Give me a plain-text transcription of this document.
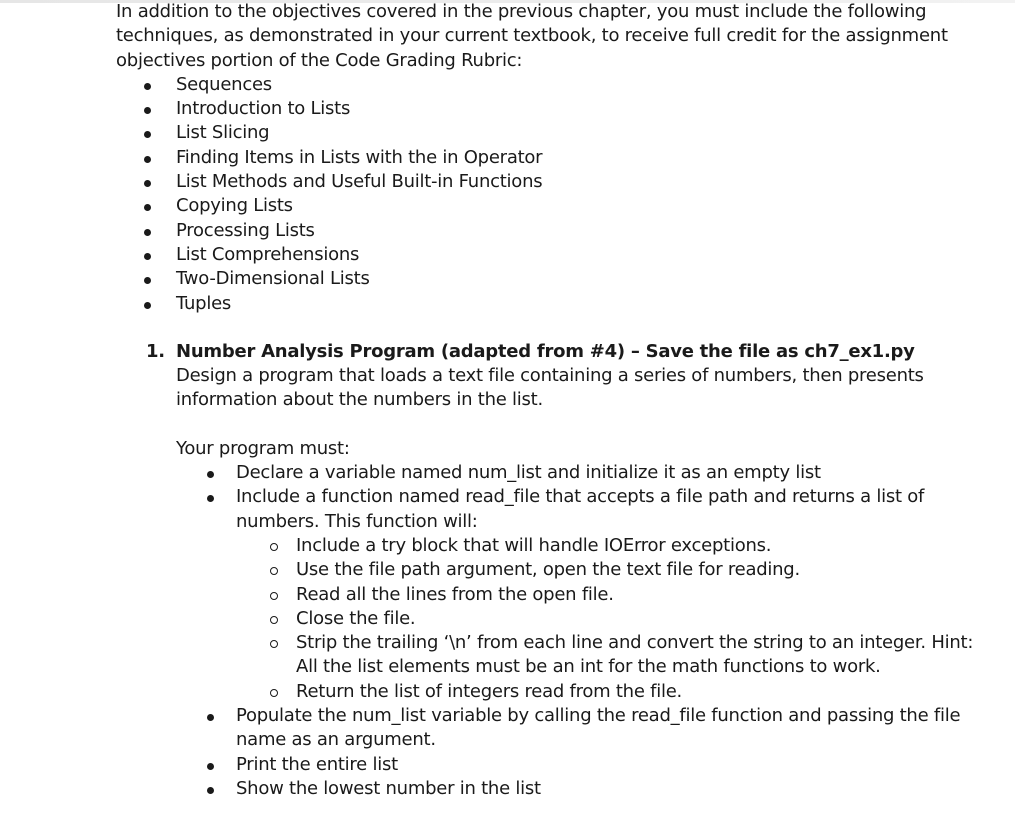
In addition to the objectives covered in the previous chapter, you must include the following techniques, as demonstrated in your current textbook, to receive full credit for the assignment objectives portion of the Code Grading Rubric:

Sequences
Introduction to Lists
List Slicing
Finding Items in Lists with the in Operator
List Methods and Useful Built-in Functions
Copying Lists
Processing Lists
List Comprehensions
Two-Dimensional Lists
Tuples
1. Number Analysis Program (adapted from #4) – Save the file as ch7_ex1.py

Design a program that loads a text file containing a series of numbers, then presents information about the numbers in the list.

Your program must:

Declare a variable named num_list and initialize it as an empty list
Include a function named read_file that accepts a file path and returns a list of numbers. This function will:
Include a try block that will handle IOError exceptions.
Use the file path argument, open the text file for reading.
Read all the lines from the open file.
Close the file.
Strip the trailing ‘\n’ from each line and convert the string to an integer. Hint: All the list elements must be an int for the math functions to work.
Return the list of integers read from the file.
Populate the num_list variable by calling the read_file function and passing the file name as an argument.
Print the entire list
Show the lowest number in the list
